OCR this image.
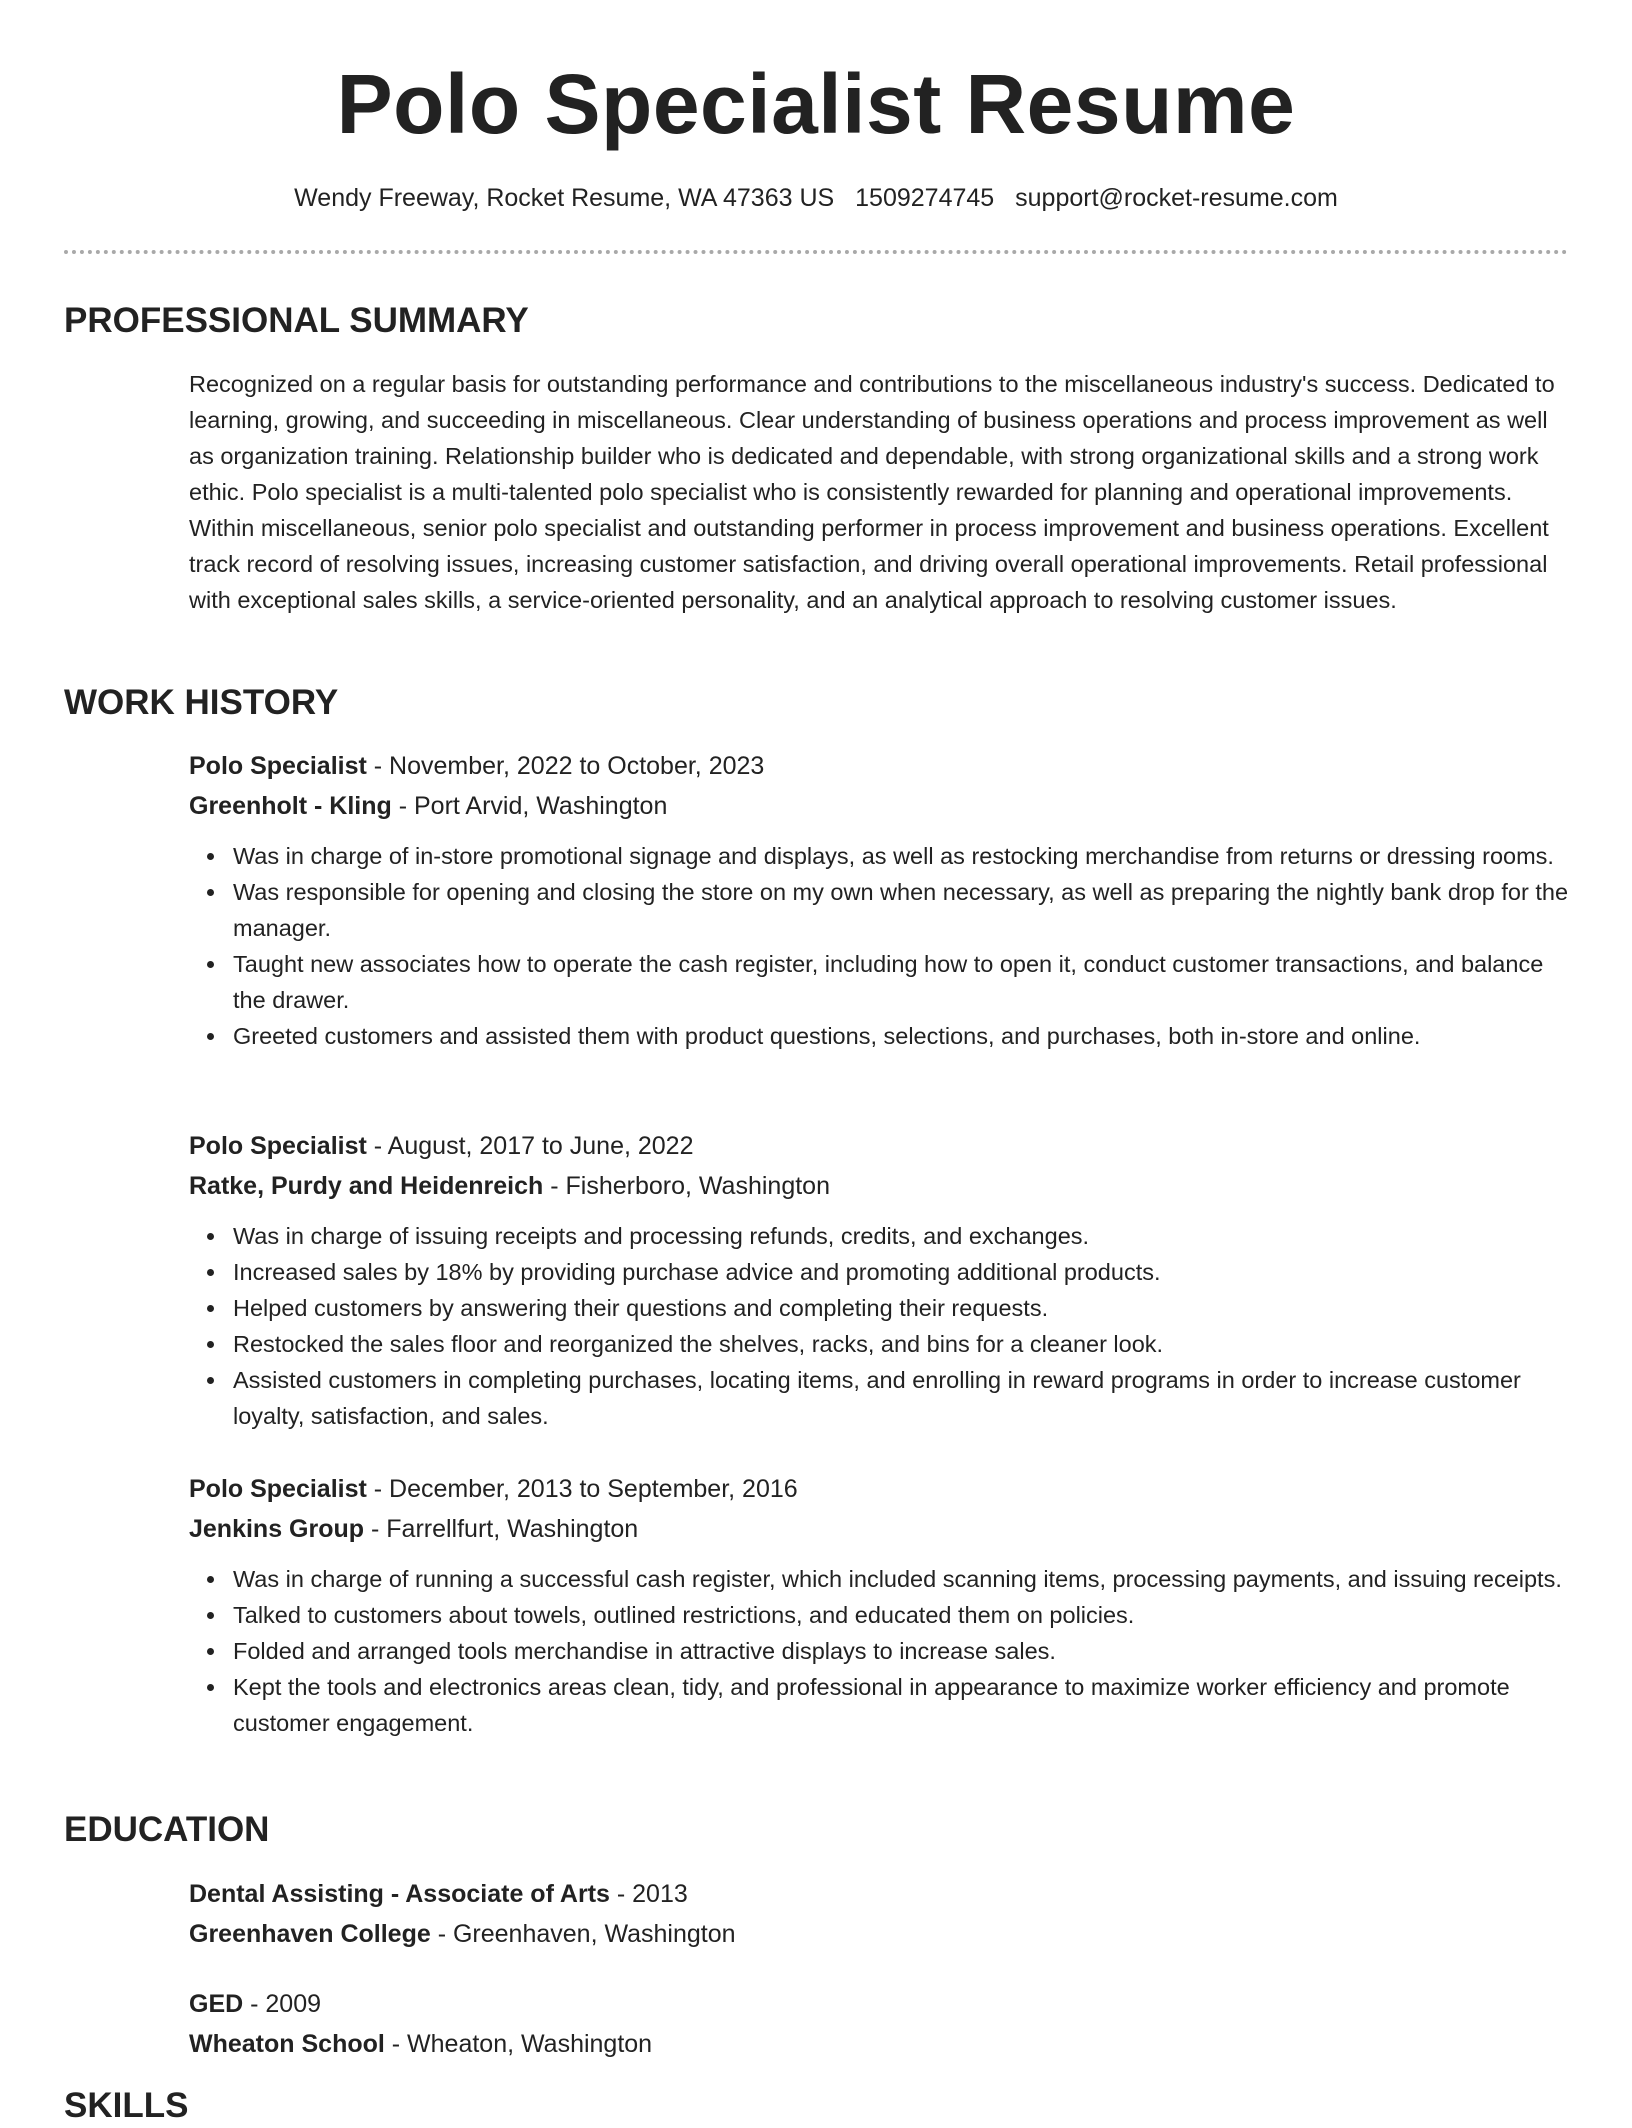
Polo Specialist Resume
Wendy Freeway, Rocket Resume, WA 47363 US 1509274745 support@rocket-resume.com
PROFESSIONAL SUMMARY

Recognized on a regular basis for outstanding performance and contributions to the miscellaneous industry's success. Dedicated to learning, growing, and succeeding in miscellaneous. Clear understanding of business operations and process improvement as well as organization training. Relationship builder who is dedicated and dependable, with strong organizational skills and a strong work ethic. Polo specialist is a multi-talented polo specialist who is consistently rewarded for planning and operational improvements. Within miscellaneous, senior polo specialist and outstanding performer in process improvement and business operations. Excellent track record of resolving issues, increasing customer satisfaction, and driving overall operational improvements. Retail professional with exceptional sales skills, a service-oriented personality, and an analytical approach to resolving customer issues.

WORK HISTORY
Polo Specialist - November, 2022 to October, 2023
Greenholt - Kling - Port Arvid, Washington
Was in charge of in-store promotional signage and displays, as well as restocking merchandise from returns or dressing rooms.
Was responsible for opening and closing the store on my own when necessary, as well as preparing the nightly bank drop for the manager.
Taught new associates how to operate the cash register, including how to open it, conduct customer transactions, and balance the drawer.
Greeted customers and assisted them with product questions, selections, and purchases, both in-store and online.
Polo Specialist - August, 2017 to June, 2022
Ratke, Purdy and Heidenreich - Fisherboro, Washington
Was in charge of issuing receipts and processing refunds, credits, and exchanges.
Increased sales by 18% by providing purchase advice and promoting additional products.
Helped customers by answering their questions and completing their requests.
Restocked the sales floor and reorganized the shelves, racks, and bins for a cleaner look.
Assisted customers in completing purchases, locating items, and enrolling in reward programs in order to increase customer loyalty, satisfaction, and sales.
Polo Specialist - December, 2013 to September, 2016
Jenkins Group - Farrellfurt, Washington
Was in charge of running a successful cash register, which included scanning items, processing payments, and issuing receipts.
Talked to customers about towels, outlined restrictions, and educated them on policies.
Folded and arranged tools merchandise in attractive displays to increase sales.
Kept the tools and electronics areas clean, tidy, and professional in appearance to maximize worker efficiency and promote customer engagement.
EDUCATION
Dental Assisting - Associate of Arts - 2013
Greenhaven College - Greenhaven, Washington
GED - 2009
Wheaton School - Wheaton, Washington
SKILLS
